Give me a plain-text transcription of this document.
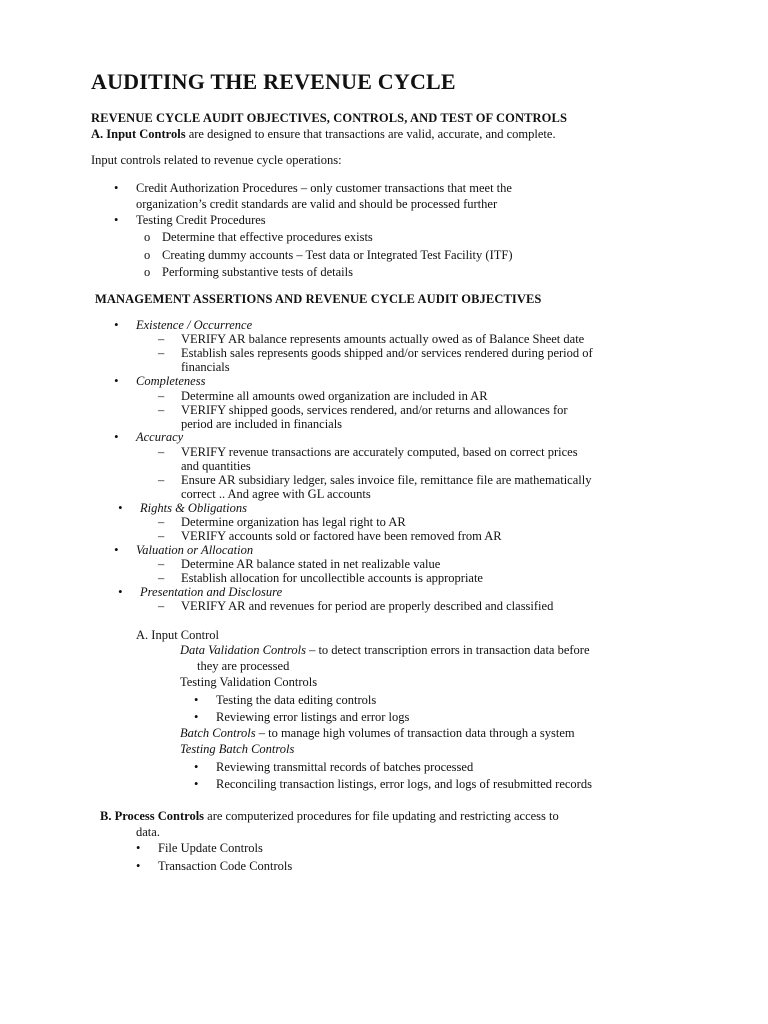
AUDITING THE REVENUE CYCLE
REVENUE CYCLE AUDIT OBJECTIVES, CONTROLS, AND TEST OF CONTROLS
A. Input Controls are designed to ensure that transactions are valid, accurate, and complete.
Input controls related to revenue cycle operations:
• Credit Authorization Procedures – only customer transactions that meet the
organization’s credit standards are valid and should be processed further
• Testing Credit Procedures
o Determine that effective procedures exists
o Creating dummy accounts – Test data or Integrated Test Facility (ITF)
o Performing substantive tests of details
MANAGEMENT ASSERTIONS AND REVENUE CYCLE AUDIT OBJECTIVES
• Existence / Occurrence
– VERIFY AR balance represents amounts actually owed as of Balance Sheet date
– Establish sales represents goods shipped and/or services rendered during period of
financials
• Completeness
– Determine all amounts owed organization are included in AR
– VERIFY shipped goods, services rendered, and/or returns and allowances for
period are included in financials
• Accuracy
– VERIFY revenue transactions are accurately computed, based on correct prices
and quantities
– Ensure AR subsidiary ledger, sales invoice file, remittance file are mathematically
correct .. And agree with GL accounts
• Rights & Obligations
– Determine organization has legal right to AR
– VERIFY accounts sold or factored have been removed from AR
• Valuation or Allocation
– Determine AR balance stated in net realizable value
– Establish allocation for uncollectible accounts is appropriate
• Presentation and Disclosure
– VERIFY AR and revenues for period are properly described and classified
A. Input Control
Data Validation Controls – to detect transcription errors in transaction data before
they are processed
Testing Validation Controls
• Testing the data editing controls
• Reviewing error listings and error logs
Batch Controls – to manage high volumes of transaction data through a system
Testing Batch Controls
• Reviewing transmittal records of batches processed
• Reconciling transaction listings, error logs, and logs of resubmitted records
B. Process Controls are computerized procedures for file updating and restricting access to
data.
• File Update Controls
• Transaction Code Controls
